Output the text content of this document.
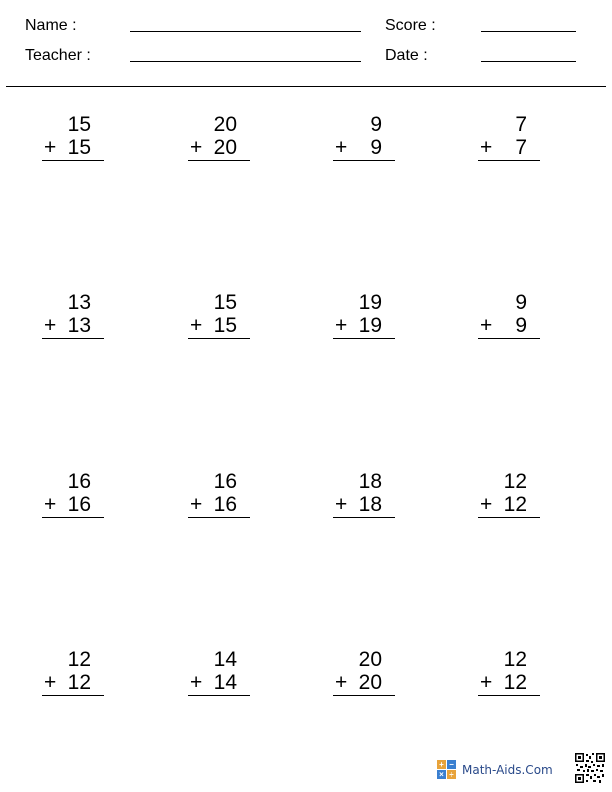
Name :	Score :
Teacher :	Date :
15
+ 15
20
+ 20
9
+ 9
7
+ 7
13
+ 13
15
+ 15
19
+ 19
9
+ 9
16
+ 16
16
+ 16
18
+ 18
12
+ 12
12
+ 12
14
+ 14
20
+ 20
12
+ 12
+ −
× ÷ Math-Aids.Com
